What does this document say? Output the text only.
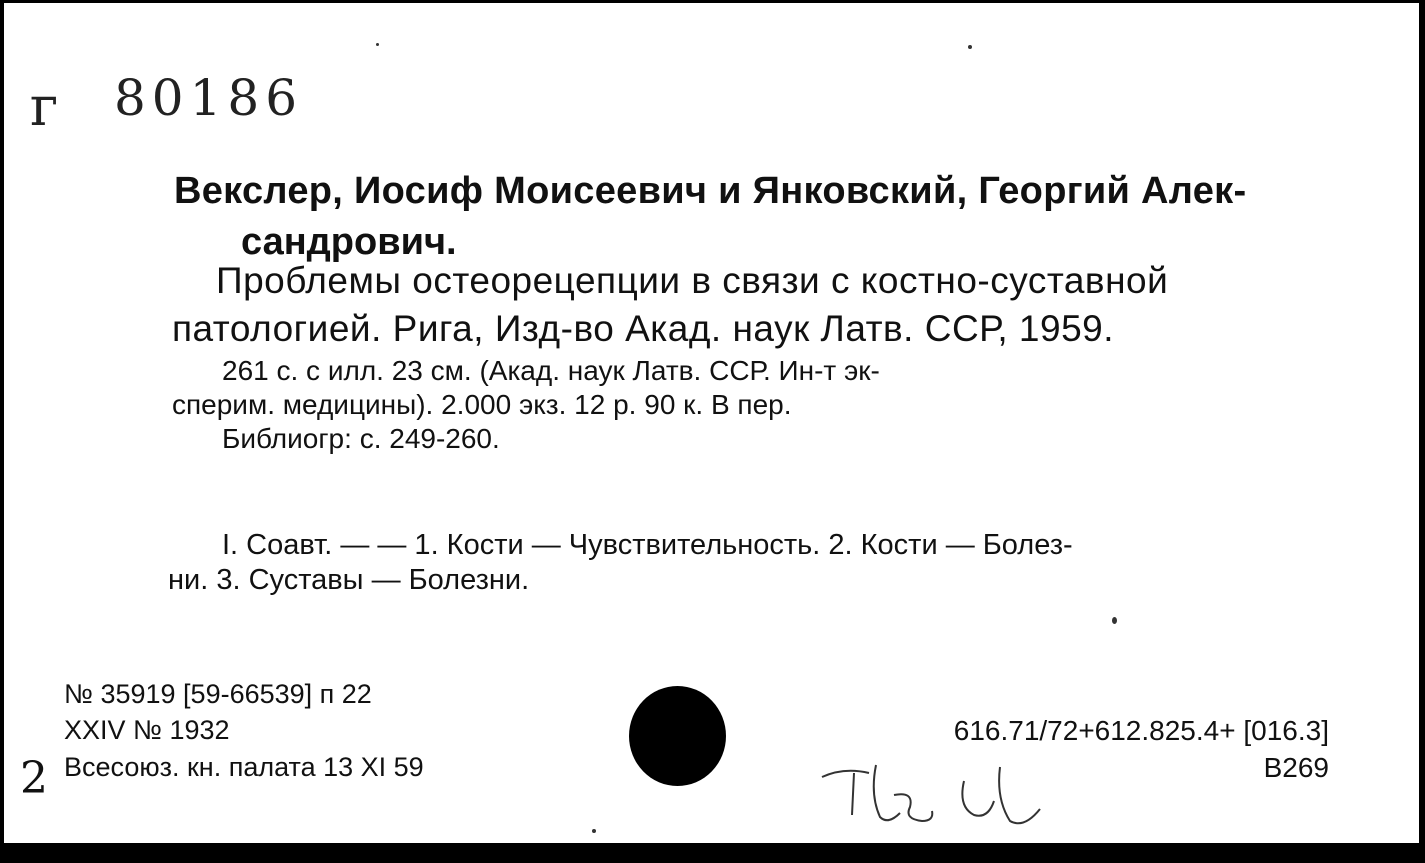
г 80186
Векслер, Иосиф Моисеевич и Янковский, Георгий Алек-
сандрович.
Проблемы остеорецепции в связи с костно-суставной
патологией. Рига, Изд-во Акад. наук Латв. ССР, 1959.
261 с. с илл. 23 см. (Акад. наук Латв. ССР. Ин-т эк-
сперим. медицины). 2.000 экз. 12 р. 90 к. В пер.
Библиогр: с. 249-260.
I. Соавт. — — 1. Кости — Чувствительность. 2. Кости — Болез-
ни. 3. Суставы — Болезни.
№ 35919 [59-66539] п 22
XXIV № 1932
Всесоюз. кн. палата 13 XI 59
616.71/72+612.825.4+ [016.3]
В269
2
